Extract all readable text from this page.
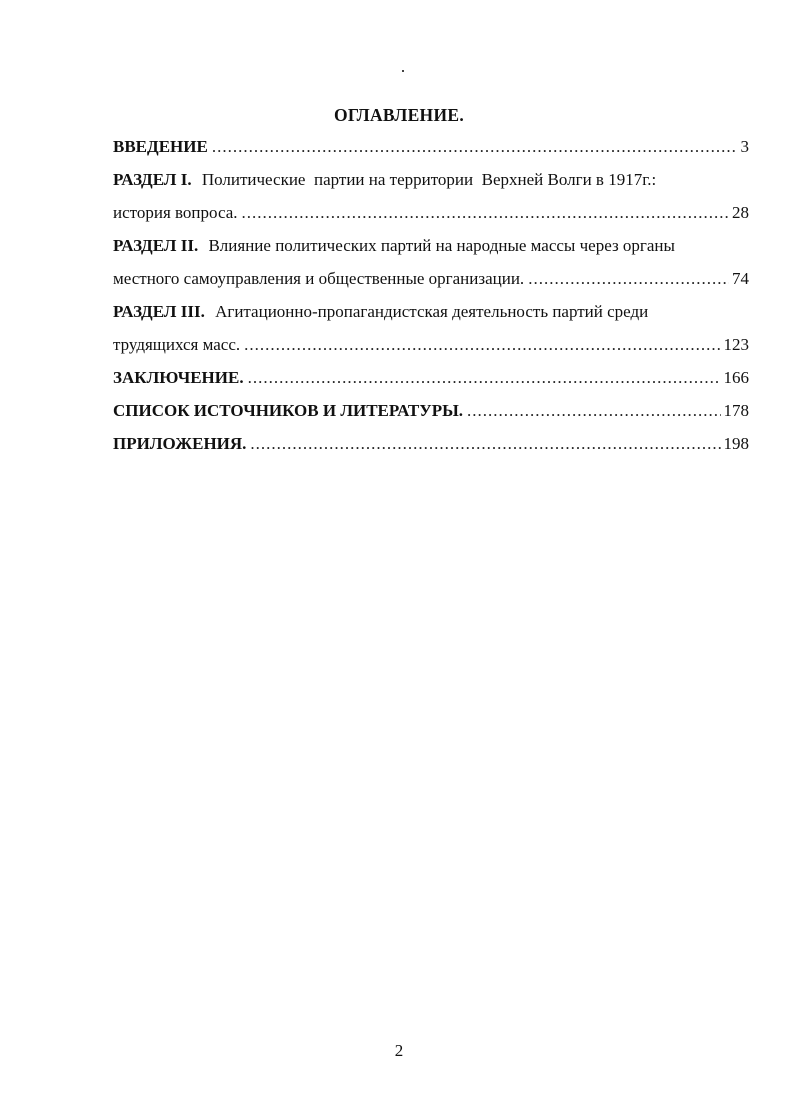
ОГЛАВЛЕНИЕ.
ВВЕДЕНИЕ .....	3
РАЗДЕЛ I. Политические  партии на территории  Верхней Волги в 1917г.:
история вопроса. .....	28
РАЗДЕЛ II. Влияние политических партий на народные массы через органы
местного самоуправления и общественные организации. .....	74
РАЗДЕЛ III. Агитационно-пропагандистская деятельность партий среди
трудящихся масс. .....	123
ЗАКЛЮЧЕНИЕ. .....	166
СПИСОК ИСТОЧНИКОВ И ЛИТЕРАТУРЫ. .....	178
ПРИЛОЖЕНИЯ. .....	198
2
